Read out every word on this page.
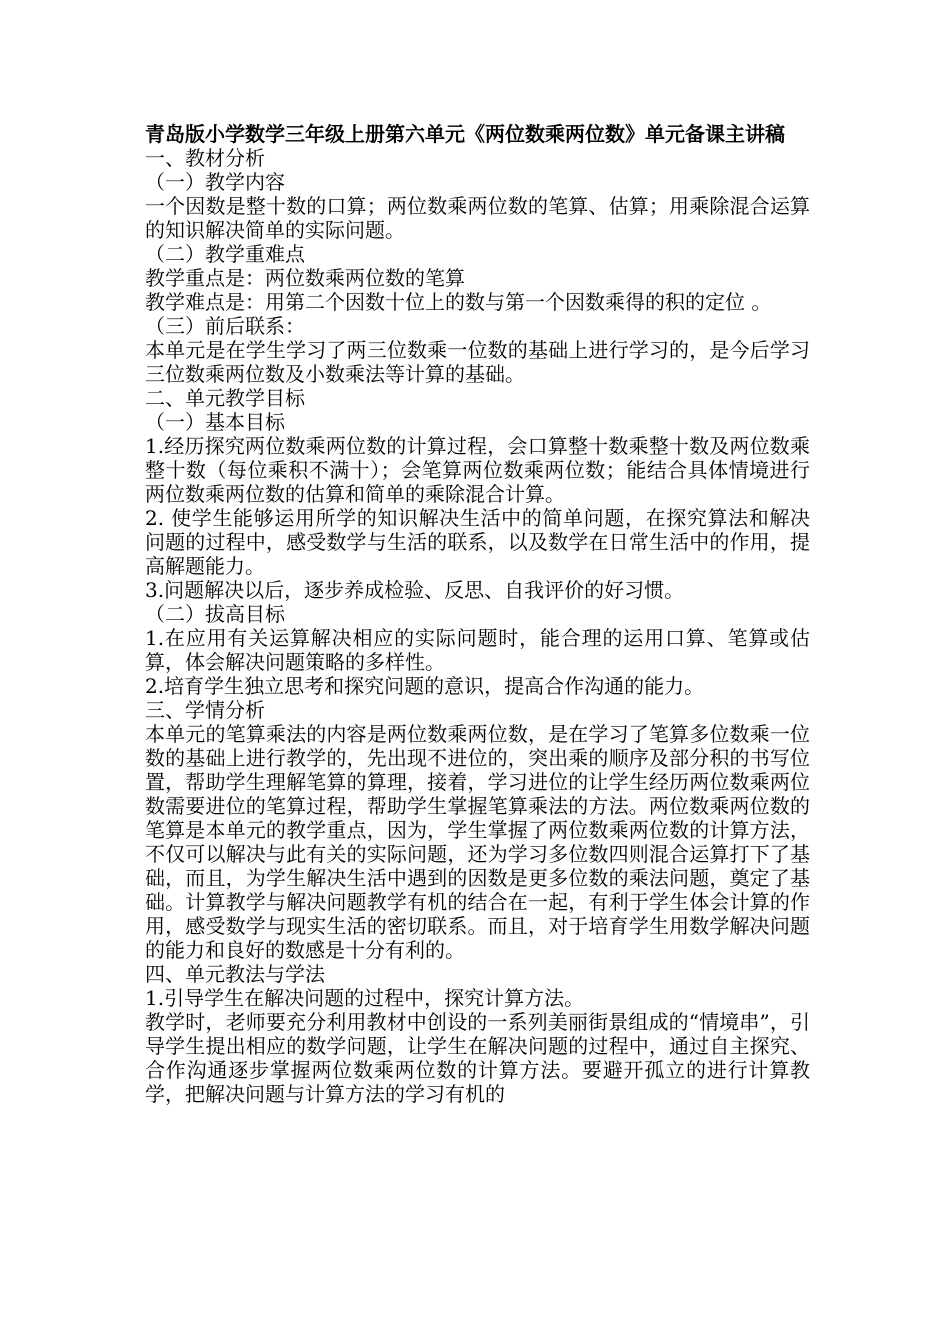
青岛版小学数学三年级上册第六单元《两位数乘两位数》单元备课主讲稿

一、教材分析

（一）教学内容

一个因数是整十数的口算；两位数乘两位数的笔算、估算；用乘除混合运算的知识解决简单的实际问题。

（二）教学重难点

教学重点是：两位数乘两位数的笔算

教学难点是：用第二个因数十位上的数与第一个因数乘得的积的定位 。

（三）前后联系：

本单元是在学生学习了两三位数乘一位数的基础上进行学习的，是今后学习三位数乘两位数及小数乘法等计算的基础。

二、单元教学目标

（一）基本目标

1.经历探究两位数乘两位数的计算过程，会口算整十数乘整十数及两位数乘整十数（每位乘积不满十）；会笔算两位数乘两位数；能结合具体情境进行两位数乘两位数的估算和简单的乘除混合计算。

2. 使学生能够运用所学的知识解决生活中的简单问题，在探究算法和解决问题的过程中，感受数学与生活的联系，以及数学在日常生活中的作用，提高解题能力。

3.问题解决以后，逐步养成检验、反思、自我评价的好习惯。

（二）拔高目标

1.在应用有关运算解决相应的实际问题时，能合理的运用口算、笔算或估算，体会解决问题策略的多样性。

2.培育学生独立思考和探究问题的意识，提高合作沟通的能力。

三、学情分析

本单元的笔算乘法的内容是两位数乘两位数，是在学习了笔算多位数乘一位数的基础上进行教学的，先出现不进位的，突出乘的顺序及部分积的书写位置，帮助学生理解笔算的算理，接着，学习进位的让学生经历两位数乘两位数需要进位的笔算过程，帮助学生掌握笔算乘法的方法。两位数乘两位数的笔算是本单元的教学重点，因为，学生掌握了两位数乘两位数的计算方法，不仅可以解决与此有关的实际问题，还为学习多位数四则混合运算打下了基础，而且，为学生解决生活中遇到的因数是更多位数的乘法问题，奠定了基础。计算教学与解决问题教学有机的结合在一起，有利于学生体会计算的作用，感受数学与现实生活的密切联系。而且，对于培育学生用数学解决问题的能力和良好的数感是十分有利的。

四、单元教法与学法

1.引导学生在解决问题的过程中，探究计算方法。

教学时，老师要充分利用教材中创设的一系列美丽街景组成的“情境串”，引导学生提出相应的数学问题，让学生在解决问题的过程中，通过自主探究、合作沟通逐步掌握两位数乘两位数的计算方法。要避开孤立的进行计算教学，把解决问题与计算方法的学习有机的
